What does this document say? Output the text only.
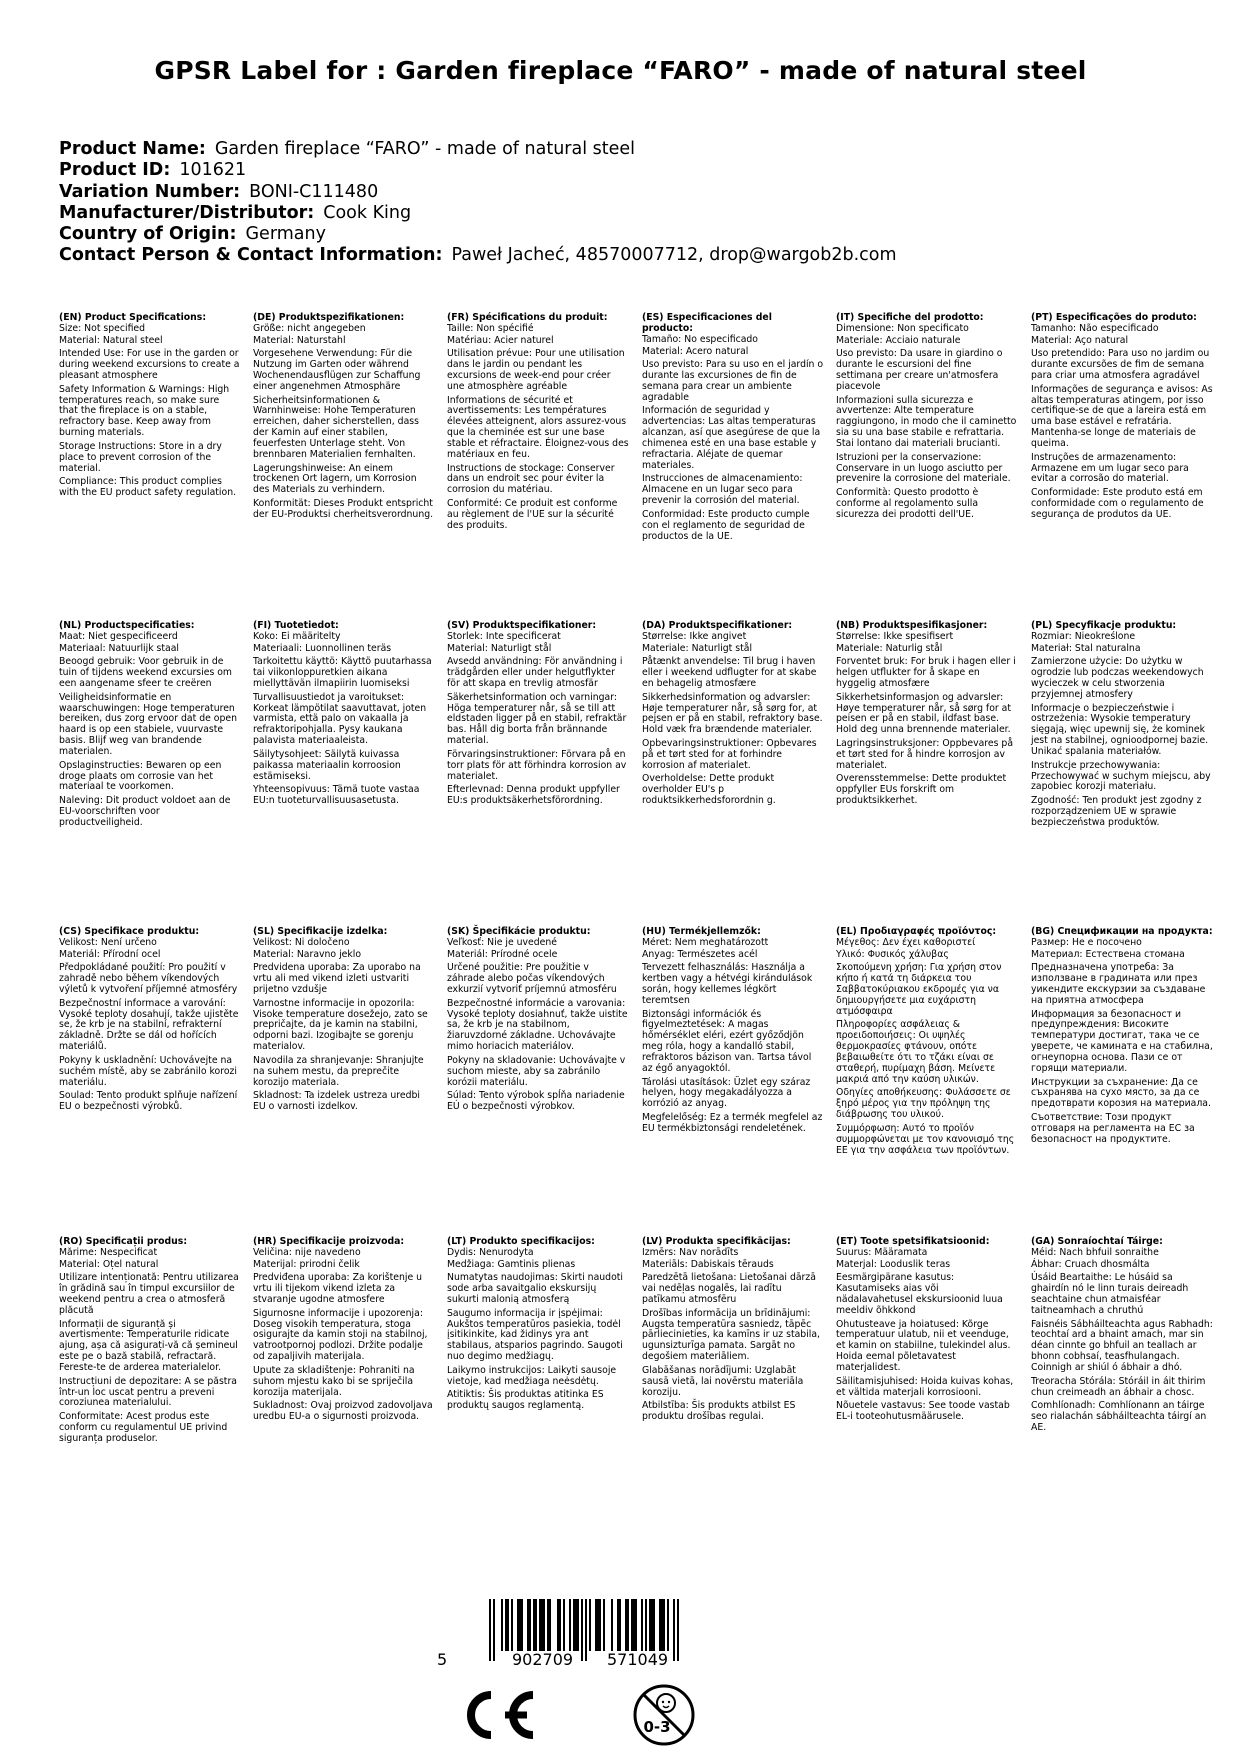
GPSR Label for : Garden fireplace “FARO” - made of natural steel
Product Name: Garden fireplace “FARO” - made of natural steel
Product ID: 101621
Variation Number: BONI-C111480
Manufacturer/Distributor: Cook King
Country of Origin: Germany
Contact Person & Contact Information: Paweł Jacheć, 48570007712, drop@wargob2b.com
(EN) Product Specifications:
Size: Not specified
Material: Natural steel
Intended Use: For use in the garden or during weekend excursions to create a pleasant atmosphere
Safety Information & Warnings: High temperatures reach, so make sure that the fireplace is on a stable, refractory base. Keep away from burning materials.
Storage Instructions: Store in a dry place to prevent corrosion of the material.
Compliance: This product complies with the EU product safety regulation.
(DE) Produktspezifikationen:
Größe: nicht angegeben
Material: Naturstahl
Vorgesehene Verwendung: Für die Nutzung im Garten oder während Wochenendausflügen zur Schaffung einer angenehmen Atmosphäre
Sicherheitsinformationen & Warnhinweise: Hohe Temperaturen erreichen, daher sicherstellen, dass der Kamin auf einer stabilen, feuerfesten Unterlage steht. Von brennbaren Materialien fernhalten.
Lagerungshinweise: An einem trockenen Ort lagern, um Korrosion des Materials zu verhindern.
Konformität: Dieses Produkt entspricht der EU-Produktsi cherheitsverordnung.
(FR) Spécifications du produit:
Taille: Non spécifié
Matériau: Acier naturel
Utilisation prévue: Pour une utilisation dans le jardin ou pendant les excursions de week-end pour créer une atmosphère agréable
Informations de sécurité et avertissements: Les températures élevées atteignent, alors assurez-vous que la cheminée est sur une base stable et réfractaire. Éloignez-vous des matériaux en feu.
Instructions de stockage: Conserver dans un endroit sec pour éviter la corrosion du matériau.
Conformité: Ce produit est conforme au règlement de l'UE sur la sécurité des produits.
(ES) Especificaciones del producto:
Tamaño: No especificado
Material: Acero natural
Uso previsto: Para su uso en el jardín o durante las excursiones de fin de semana para crear un ambiente agradable
Información de seguridad y advertencias: Las altas temperaturas alcanzan, así que asegúrese de que la chimenea esté en una base estable y refractaria. Aléjate de quemar materiales.
Instrucciones de almacenamiento: Almacene en un lugar seco para prevenir la corrosión del material.
Conformidad: Este producto cumple con el reglamento de seguridad de productos de la UE.
(IT) Specifiche del prodotto:
Dimensione: Non specificato
Materiale: Acciaio naturale
Uso previsto: Da usare in giardino o durante le escursioni del fine settimana per creare un'atmosfera piacevole
Informazioni sulla sicurezza e avvertenze: Alte temperature raggiungono, in modo che il caminetto sia su una base stabile e refrattaria. Stai lontano dai materiali brucianti.
Istruzioni per la conservazione: Conservare in un luogo asciutto per prevenire la corrosione del materiale.
Conformità: Questo prodotto è conforme al regolamento sulla sicurezza dei prodotti dell'UE.
(PT) Especificações do produto:
Tamanho: Não especificado
Material: Aço natural
Uso pretendido: Para uso no jardim ou durante excursões de fim de semana para criar uma atmosfera agradável
Informações de segurança e avisos: As altas temperaturas atingem, por isso certifique-se de que a lareira está em uma base estável e refratária. Mantenha-se longe de materiais de queima.
Instruções de armazenamento: Armazene em um lugar seco para evitar a corrosão do material.
Conformidade: Este produto está em conformidade com o regulamento de segurança de produtos da UE.
(NL) Productspecificaties:
Maat: Niet gespecificeerd
Materiaal: Natuurlijk staal
Beoogd gebruik: Voor gebruik in de tuin of tijdens weekend excursies om een aangename sfeer te creëren
Veiligheidsinformatie en waarschuwingen: Hoge temperaturen bereiken, dus zorg ervoor dat de open haard is op een stabiele, vuurvaste basis. Blijf weg van brandende materialen.
Opslaginstructies: Bewaren op een droge plaats om corrosie van het materiaal te voorkomen.
Naleving: Dit product voldoet aan de EU-voorschriften voor productveiligheid.
(FI) Tuotetiedot:
Koko: Ei määritelty
Materiaali: Luonnollinen teräs
Tarkoitettu käyttö: Käyttö puutarhassa tai viikonloppuretkien aikana miellyttävän ilmapiirin luomiseksi
Turvallisuustiedot ja varoitukset: Korkeat lämpötilat saavuttavat, joten varmista, että palo on vakaalla ja refraktoripohjalla. Pysy kaukana palavista materiaaleista.
Säilytysohjeet: Säilytä kuivassa paikassa materiaalin korroosion estämiseksi.
Yhteensopivuus: Tämä tuote vastaa EU:n tuoteturvallisuusasetusta.
(SV) Produktspecifikationer:
Storlek: Inte specificerat
Material: Naturligt stål
Avsedd användning: För användning i trädgården eller under helgutflykter för att skapa en trevlig atmosfär
Säkerhetsinformation och varningar: Höga temperaturer når, så se till att eldstaden ligger på en stabil, refraktär bas. Håll dig borta från brännande material.
Förvaringsinstruktioner: Förvara på en torr plats för att förhindra korrosion av materialet.
Efterlevnad: Denna produkt uppfyller EU:s produktsäkerhetsförordning.
(DA) Produktspecifikationer:
Størrelse: Ikke angivet
Materiale: Naturligt stål
Påtænkt anvendelse: Til brug i haven eller i weekend udflugter for at skabe en behagelig atmosfære
Sikkerhedsinformation og advarsler: Høje temperaturer når, så sørg for, at pejsen er på en stabil, refraktory base. Hold væk fra brændende materialer.
Opbevaringsinstruktioner: Opbevares på et tørt sted for at forhindre korrosion af materialet.
Overholdelse: Dette produkt overholder EU's p roduktsikkerhedsforordnin g.
(NB) Produktspesifikasjoner:
Størrelse: Ikke spesifisert
Materiale: Naturlig stål
Forventet bruk: For bruk i hagen eller i helgen utflukter for å skape en hyggelig atmosfære
Sikkerhetsinformasjon og advarsler: Høye temperaturer når, så sørg for at peisen er på en stabil, ildfast base. Hold deg unna brennende materialer.
Lagringsinstruksjoner: Oppbevares på et tørt sted for å hindre korrosjon av materialet.
Overensstemmelse: Dette produktet oppfyller EUs forskrift om produktsikkerhet.
(PL) Specyfikacje produktu:
Rozmiar: Nieokreślone
Materiał: Stal naturalna
Zamierzone użycie: Do użytku w ogrodzie lub podczas weekendowych wycieczek w celu stworzenia przyjemnej atmosfery
Informacje o bezpieczeństwie i ostrzeżenia: Wysokie temperatury sięgają, więc upewnij się, że kominek jest na stabilnej, ognioodpornej bazie. Unikać spalania materiałów.
Instrukcje przechowywania: Przechowywać w suchym miejscu, aby zapobiec korozji materiału.
Zgodność: Ten produkt jest zgodny z rozporządzeniem UE w sprawie bezpieczeństwa produktów.
(CS) Specifikace produktu:
Velikost: Není určeno
Materiál: Přírodní ocel
Předpokládané použití: Pro použití v zahradě nebo během víkendových výletů k vytvoření příjemné atmosféry
Bezpečnostní informace a varování: Vysoké teploty dosahují, takže ujistěte se, že krb je na stabilní, refrakterní základně. Držte se dál od hořících materiálů.
Pokyny k uskladnění: Uchovávejte na suchém místě, aby se zabránilo korozi materiálu.
Soulad: Tento produkt splňuje nařízení EU o bezpečnosti výrobků.
(SL) Specifikacije izdelka:
Velikost: Ni določeno
Material: Naravno jeklo
Predvidena uporaba: Za uporabo na vrtu ali med vikend izleti ustvariti prijetno vzdušje
Varnostne informacije in opozorila: Visoke temperature dosežejo, zato se prepričajte, da je kamin na stabilni, odporni bazi. Izogibajte se gorenju materialov.
Navodila za shranjevanje: Shranjujte na suhem mestu, da preprečite korozijo materiala.
Skladnost: Ta izdelek ustreza uredbi EU o varnosti izdelkov.
(SK) Špecifikácie produktu:
Veľkosť: Nie je uvedené
Materiál: Prírodné ocele
Určené použitie: Pre použitie v záhrade alebo počas víkendových exkurzií vytvoriť príjemnú atmosféru
Bezpečnostné informácie a varovania: Vysoké teploty dosiahnuť, takže uistite sa, že krb je na stabilnom, žiaruvzdorné základne. Uchovávajte mimo horiacich materiálov.
Pokyny na skladovanie: Uchovávajte v suchom mieste, aby sa zabránilo korózii materiálu.
Súlad: Tento výrobok spĺňa nariadenie EÚ o bezpečnosti výrobkov.
(HU) Termékjellemzők:
Méret: Nem meghatározott
Anyag: Természetes acél
Tervezett felhasználás: Használja a kertben vagy a hétvégi kirándulások során, hogy kellemes légkört teremtsen
Biztonsági információk és figyelmeztetések: A magas hőmérséklet eléri, ezért győződjön meg róla, hogy a kandalló stabil, refraktoros bázison van. Tartsa távol az égő anyagoktól.
Tárolási utasítások: Üzlet egy száraz helyen, hogy megakadályozza a korrózió az anyag.
Megfelelőség: Ez a termék megfelel az EU termékbiztonsági rendeletének.
(EL) Προδιαγραφές προϊόντος:
Μέγεθος: Δεν έχει καθοριστεί
Υλικό: Φυσικός χάλυβας
Σκοπούμενη χρήση: Για χρήση στον κήπο ή κατά τη διάρκεια του Σαββατοκύριακου εκδρομές για να δημιουργήσετε μια ευχάριστη ατμόσφαιρα
Πληροφορίες ασφάλειας & προειδοποιήσεις: Οι υψηλές θερμοκρασίες φτάνουν, οπότε βεβαιωθείτε ότι το τζάκι είναι σε σταθερή, πυρίμαχη βάση. Μείνετε μακριά από την καύση υλικών.
Οδηγίες αποθήκευσης: Φυλάσσετε σε ξηρό μέρος για την πρόληψη της διάβρωσης του υλικού.
Συμμόρφωση: Αυτό το προϊόν συμμορφώνεται με τον κανονισμό της ΕΕ για την ασφάλεια των προϊόντων.
(BG) Спецификации на продукта:
Размер: Не е посочено
Материал: Естествена стомана
Предназначена употреба: За използване в градината или през уикендите екскурзии за създаване на приятна атмосфера
Информация за безопасност и предупреждения: Високите температури достигат, така че се уверете, че камината е на стабилна, огнеупорна основа. Пази се от горящи материали.
Инструкции за съхранение: Да се съхранява на сухо място, за да се предотврати корозия на материала.
Съответствие: Този продукт отговаря на регламента на ЕС за безопасност на продуктите.
(RO) Specificații produs:
Mărime: Nespecificat
Material: Oțel natural
Utilizare intenționată: Pentru utilizarea în grădină sau în timpul excursiilor de weekend pentru a crea o atmosferă plăcută
Informații de siguranță și avertismente: Temperaturile ridicate ajung, așa că asigurați-vă că șemineul este pe o bază stabilă, refractară. Fereste-te de arderea materialelor.
Instrucțiuni de depozitare: A se păstra într-un loc uscat pentru a preveni coroziunea materialului.
Conformitate: Acest produs este conform cu regulamentul UE privind siguranța produselor.
(HR) Specifikacije proizvoda:
Veličina: nije navedeno
Materijal: prirodni čelik
Predviđena uporaba: Za korištenje u vrtu ili tijekom vikend izleta za stvaranje ugodne atmosfere
Sigurnosne informacije i upozorenja: Doseg visokih temperatura, stoga osigurajte da kamin stoji na stabilnoj, vatrootpornoj podlozi. Držite podalje od zapaljivih materijala.
Upute za skladištenje: Pohraniti na suhom mjestu kako bi se spriječila korozija materijala.
Sukladnost: Ovaj proizvod zadovoljava uredbu EU-a o sigurnosti proizvoda.
(LT) Produkto specifikacijos:
Dydis: Nenurodyta
Medžiaga: Gamtinis plienas
Numatytas naudojimas: Skirti naudoti sode arba savaitgalio ekskursijų sukurti malonią atmosferą
Saugumo informacija ir įspėjimai: Aukštos temperatūros pasiekia, todėl įsitikinkite, kad židinys yra ant stabilaus, atsparios pagrindo. Saugoti nuo degimo medžiagų.
Laikymo instrukcijos: Laikyti sausoje vietoje, kad medžiaga neėsdėtų.
Atitiktis: Šis produktas atitinka ES produktų saugos reglamentą.
(LV) Produkta specifikācijas:
Izmērs: Nav norādīts
Materiāls: Dabiskais tērauds
Paredzētā lietošana: Lietošanai dārzā vai nedēļas nogalēs, lai radītu patīkamu atmosfēru
Drošības informācija un brīdinājumi: Augsta temperatūra sasniedz, tāpēc pārliecinieties, ka kamīns ir uz stabila, ugunsizturīga pamata. Sargāt no degošiem materiāliem.
Glabāšanas norādījumi: Uzglabāt sausā vietā, lai novērstu materiāla koroziju.
Atbilstība: Šis produkts atbilst ES produktu drošības regulai.
(ET) Toote spetsifikatsioonid:
Suurus: Määramata
Materjal: Looduslik teras
Eesmärgipärane kasutus: Kasutamiseks aias või nädalavahetusel ekskursioonid luua meeldiv õhkkond
Ohutusteave ja hoiatused: Kõrge temperatuur ulatub, nii et veenduge, et kamin on stabiilne, tulekindel alus. Hoida eemal põletavatest materjalidest.
Säilitamisjuhised: Hoida kuivas kohas, et vältida materjali korrosiooni.
Nõuetele vastavus: See toode vastab EL-i tooteohutusmäärusele.
(GA) Sonraíochtaí Táirge:
Méid: Nach bhfuil sonraithe
Ábhar: Cruach dhosmálta
Úsáid Beartaithe: Le húsáid sa ghairdín nó le linn turais deireadh seachtaine chun atmaisféar taitneamhach a chruthú
Faisnéis Sábháilteachta agus Rabhadh: teochtaí ard a bhaint amach, mar sin déan cinnte go bhfuil an teallach ar bhonn cobhsaí, teasfhulangach. Coinnigh ar shiúl ó ábhair a dhó.
Treoracha Stórála: Stóráil in áit thirim chun creimeadh an ábhair a chosc.
Comhlíonadh: Comhlíonann an táirge seo rialachán sábháilteachta táirgí an AE.
5	902709 571049
0-3
